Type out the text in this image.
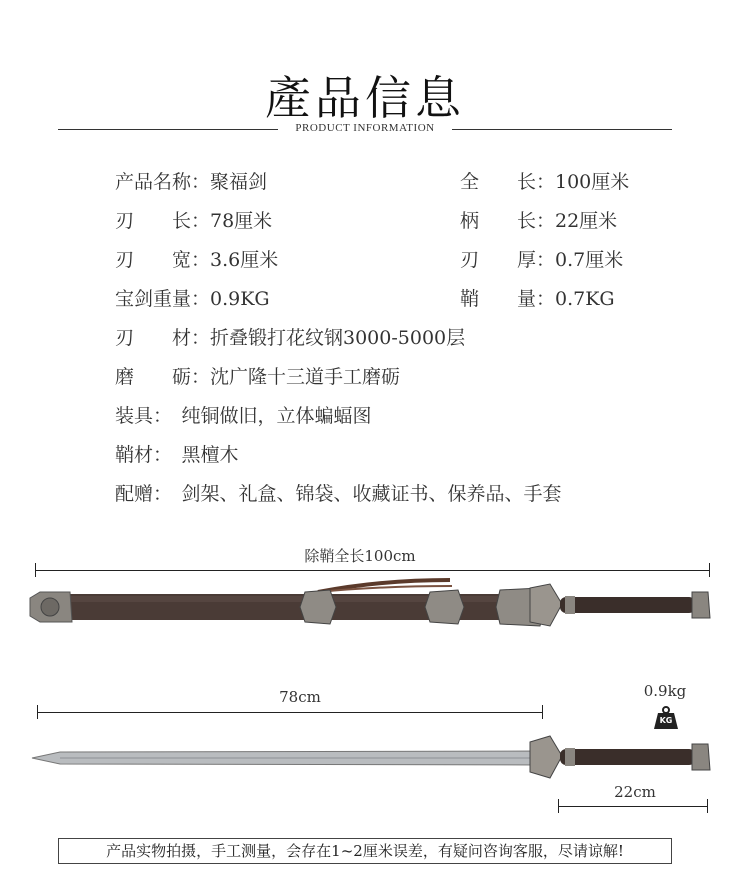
產品信息
PRODUCT INFORMATION
产品名称：聚福剑	全　　长：100厘米
刃　　长：78厘米	柄　　长：22厘米
刃　　宽：3.6厘米	刃　　厚：0.7厘米
宝剑重量：0.9KG	鞘　　量：0.7KG
刃　　材：折叠锻打花纹钢3000-5000层
磨　　砺：沈广隆十三道手工磨砺
装具：　纯铜做旧，立体蝙蝠图
鞘材：　黑檀木
配赠：　剑架、礼盒、锦袋、收藏证书、保养品、手套
除鞘全长100cm
78cm	0.9kg
KG
22cm
产品实物拍摄，手工测量，会存在1~2厘米误差，有疑问咨询客服，尽请谅解!
